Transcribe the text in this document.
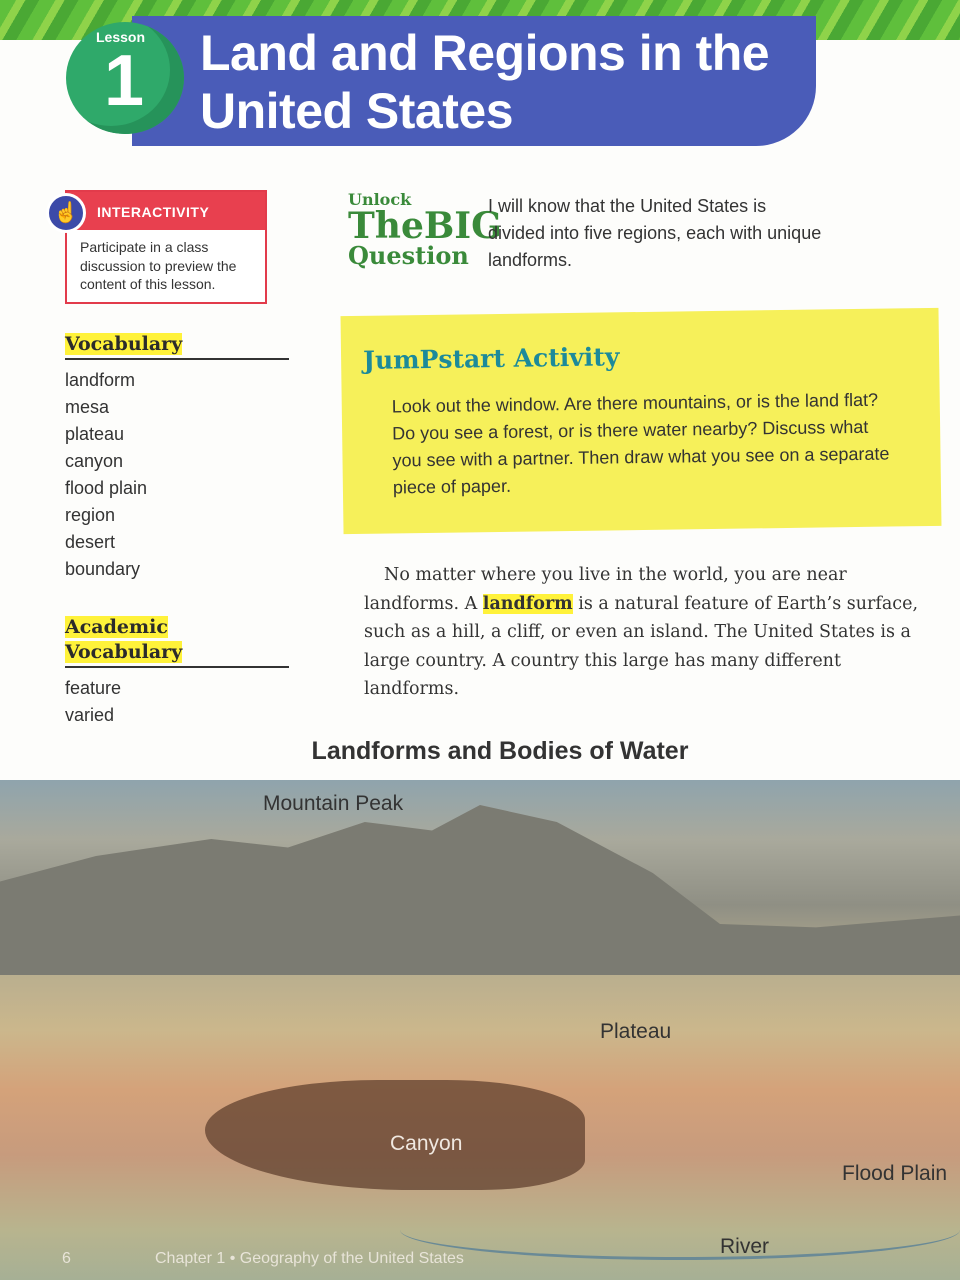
Lesson
1 Land and Regions in the United States
INTERACTIVITY
Participate in a class discussion to preview the content of this lesson.
☝
Vocabulary
landform
mesa
plateau
canyon
flood plain
region
desert
boundary
Academic
Vocabulary
feature
varied
Unlock
TheBIG
Question

I will know that the United States is divided into five regions, each with unique landforms.

JumPstart Activity

Look out the window. Are there mountains, or is the land flat? Do you see a forest, or is there water nearby? Discuss what you see with a partner. Then draw what you see on a separate piece of paper.

No matter where you live in the world, you are near landforms. A landform is a natural feature of Earth’s surface, such as a hill, a cliff, or even an island. The United States is a large country. A country this large has many different landforms.

Landforms and Bodies of Water
Mountain Peak
Plateau
Canyon
Flood Plain
River
6	Chapter 1 • Geography of the United States
